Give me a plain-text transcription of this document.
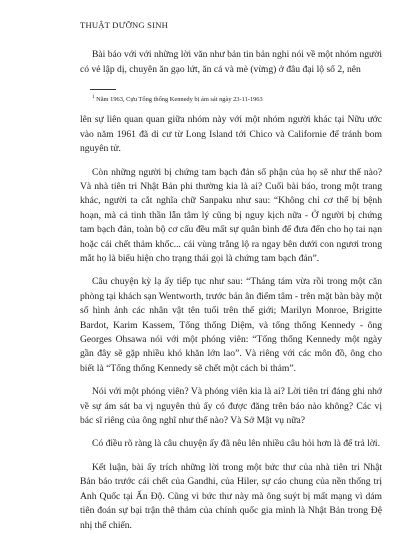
THUẬT DƯỠNG SINH

Bài báo với với những lời văn như bản tin bản nghi nói về một nhóm người có vẻ lập dị, chuyên ăn gạo lứt, ăn cá và mè (vừng) ở đâu đại lộ số 2, nên

$^1$ Năm 1963, Cựu Tổng thống Kennedy bị ám sát ngày 23-11-1963

lên sự liên quan quan giữa nhóm này với một nhóm người khác tại Nữu ước vào năm 1961 đã di cư từ Long Island tới Chico và Californie để tránh bom nguyên tử.

Còn những người bị chứng tam bạch đản số phận của họ sẽ như thế nào? Và nhà tiên tri Nhật Bản phi thường kia là ai? Cuối bài báo, trong một trang khác, người ta cắt nghĩa chữ Sanpaku như sau: “Không chỉ cơ thể bị bệnh hoạn, mà cả tinh thần lẫn tâm lý cũng bị nguy kịch nữa - Ở người bị chứng tam bạch đản, toàn bộ cơ cấu đều mất sự quân bình để đưa đến cho họ tai nạn hoặc cái chết thảm khốc... cái vùng trắng lộ ra ngay bên dưới con ngươi trong mắt họ là biểu hiện cho trạng thái gọi là chứng tam bạch đản”.

Câu chuyện kỳ lạ ấy tiếp tục như sau: “Tháng tám vừa rồi trong một căn phòng tại khách sạn Wentworth, trước bản ân điểm tâm - trên mặt bàn bày một số hình ảnh các nhân vật tên tuổi trên thế giới; Marilyn Monroe, Brigitte Bardot, Karim Kassem, Tổng thống Diệm, và tổng thống Kennedy - ông Georges Ohsawa nói với một phóng viên: “Tổng thống Kennedy một ngày gần đây sẽ gặp nhiều khó khăn lớn lao”. Và riêng với các môn đồ, ông cho biết là “Tổng thống Kennedy sẽ chết một cách bi thảm”.

Nói với một phóng viên? Và phóng viên kia là ai? Lời tiên tri đáng ghi nhớ về sự ám sát ba vị nguyên thủ ấy có được đăng trên báo nào không? Các vị bác sĩ riêng của ông nghĩ như thế nào? Và Sở Mật vụ nữa?

Có điều rõ ràng là câu chuyện ấy đã nêu lên nhiều câu hỏi hơn là để trả lời.

Kết luận, bài ấy trích những lời trong một bức thư của nhà tiên tri Nhật Bản báo trước cái chết của Gandhi, của Hiler, sự cáo chung của nền thống trị Anh Quốc tại Ấn Độ. Cũng vì bức thư này mà ông suýt bị mất mạng vì dám tiên đoán sự bại trận thê thảm của chính quốc gia mình là Nhật Bản trong Đệ nhị thế chiến.
